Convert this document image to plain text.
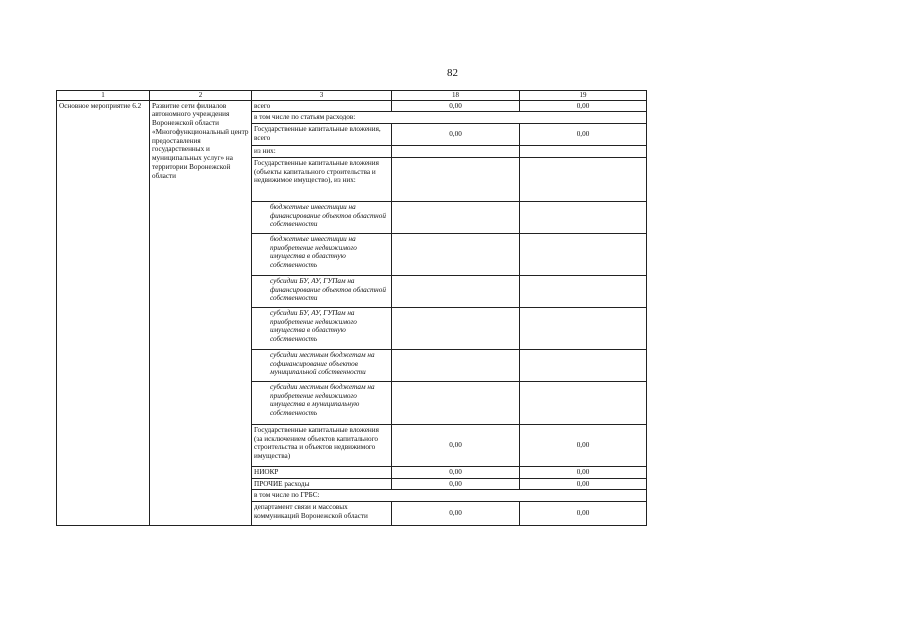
82
1	2	3	18	19
Основное мероприятие 6.2	Развитие сети филиалов автономного учреждения Воронежской области «Многофункциональный центр предоставления государственных и муниципальных услуг» на территории Воронежской области	всего	0,00	0,00
		в том числе по статьям расходов:		
		Государственные капитальные вложения, всего	0,00	0,00
		из них:		
		Государственные капитальные вложения (объекты капитального строительства и недвижимое имущество), из них:		
		бюджетные инвестиции на финансирование объектов областной собственности		
		бюджетные инвестиции на приобретение недвижимого имущества в областную собственность		
		субсидии БУ, АУ, ГУПам на финансирование объектов областной собственности		
		субсидии БУ, АУ, ГУПам на приобретение недвижимого имущества в областную собственность		
		субсидии местным бюджетам на софинансирование объектов муниципальной собственности		
		субсидии местным бюджетам на приобретение недвижимого имущества в муниципальную собственность		
		Государственные капитальные вложения (за исключением объектов капитального строительства и объектов недвижимого имущества)	0,00	0,00
		НИОКР	0,00	0,00
		ПРОЧИЕ расходы	0,00	0,00
		в том числе по ГРБС:		
		департамент связи и массовых коммуникаций Воронежской области	0,00	0,00
